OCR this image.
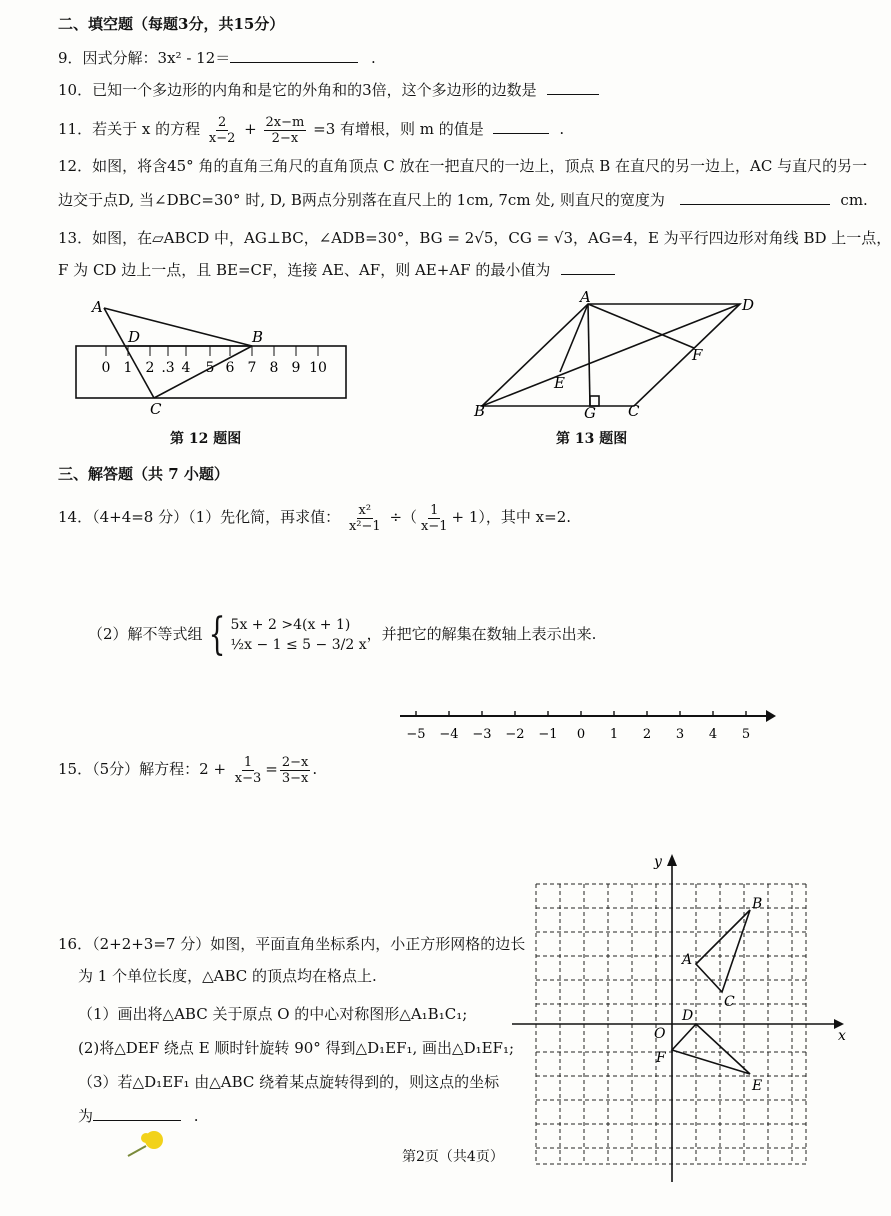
二、填空题（每题3分，共15分）
9．因式分解：3x² - 12＝	.
10．已知一个多边形的内角和是它的外角和的3倍，这个多边形的边数是
11．若关于 x 的方程 $\frac{2}{x-2} + \frac{2x-m}{2-x} =3$ 有增根，则 m 的值是	.
12．如图，将含45° 角的直角三角尺的直角顶点 C 放在一把直尺的一边上，顶点 B 在直尺的另一边上，AC 与直尺的另一
边交于点D, 当∠DBC=30° 时, D, B两点分别落在直尺上的 1cm, 7cm 处, 则直尺的宽度为	cm.
13．如图，在▱ABCD 中，AG⊥BC，∠ADB=30°，BG = 2√5，CG = √3，AG=4，E 为平行四边形对角线 BD 上一点，
F 为 CD 边上一点，且 BE=CF，连接 AE、AF，则 AE+AF 的最小值为
0 1 2 .3 4 5 6 7 8 9 10
A
B
C
D
第 12 题图
A
B	C
D
E
F
G
第 13 题图
三、解答题（共 7 小题）
14．（4+4=8 分）（1）先化简，再求值： $\frac{\text{x²}}{\text{x²−1}}$ ÷（ $\frac{1}{x-1} + 1$），其中 x=2.
（2）解不等式组 { 5x + 2 >4(x + 1)
½x − 1 ≤ 5 − 3/2 x
，并把它的解集在数轴上表示出来.
−5 −4 −3 −2 −1 0 1 2 3 4 5
15．（5分）解方程：$2 + \frac{1}{x-3} = \frac{2-x}{3-x}$ .
16．（2+2+3=7 分）如图，平面直角坐标系内，小正方形网格的边长
为 1 个单位长度，△ABC 的顶点均在格点上.
（1）画出将△ABC 关于原点 O 的中心对称图形△A₁B₁C₁;
(2)将△DEF 绕点 E 顺时针旋转 90° 得到△D₁EF₁, 画出△D₁EF₁;
（3）若△D₁EF₁ 由△ABC 绕着某点旋转得到的，则这点的坐标
为	.
x
y
O
A
B
C
D
E
F
第2页（共4页）
